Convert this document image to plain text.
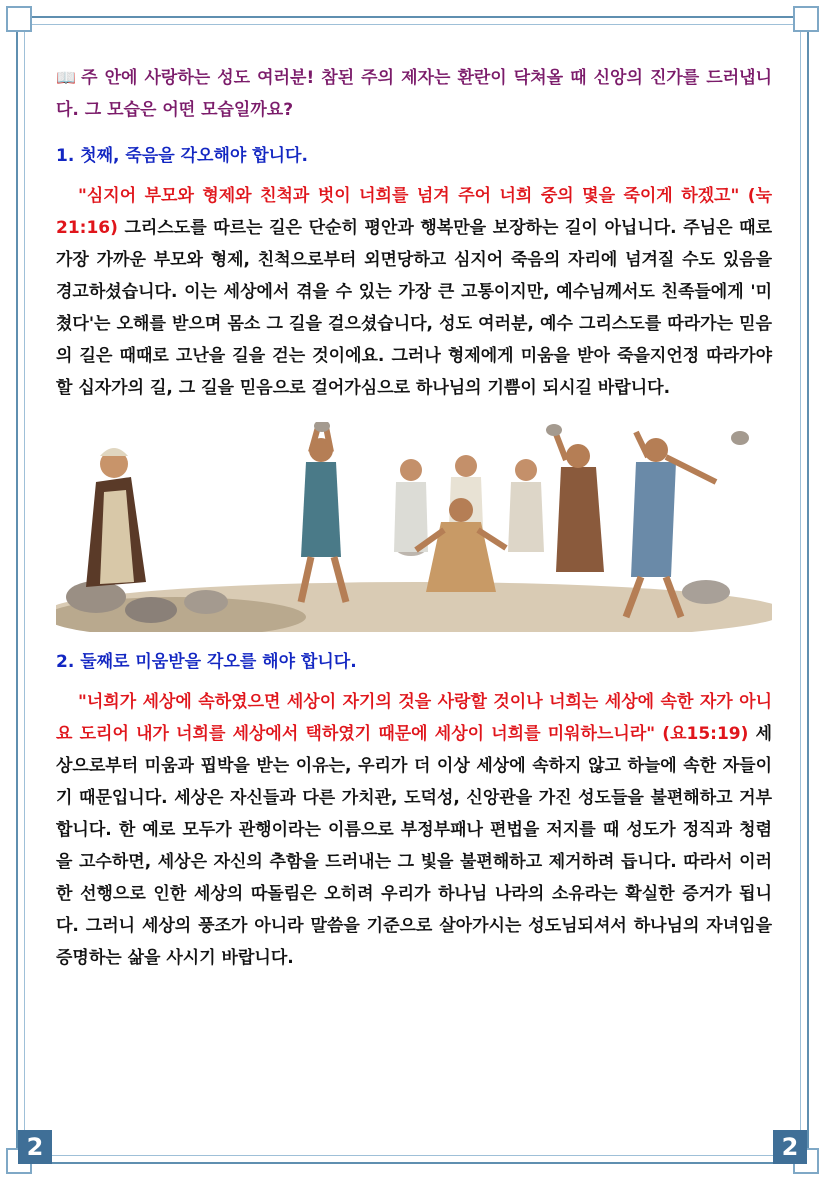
📖 주 안에 사랑하는 성도 여러분! 참된 주의 제자는 환란이 닥쳐올 때 신앙의 진가를 드러냅니다. 그 모습은 어떤 모습일까요?
1. 첫째, 죽음을 각오해야 합니다.
"심지어 부모와 형제와 친척과 벗이 너희를 넘겨 주어 너희 중의 몇을 죽이게 하겠고" (눅21:16) 그리스도를 따르는 길은 단순히 평안과 행복만을 보장하는 길이 아닙니다. 주님은 때로 가장 가까운 부모와 형제, 친척으로부터 외면당하고 심지어 죽음의 자리에 넘겨질 수도 있음을 경고하셨습니다. 이는 세상에서 겪을 수 있는 가장 큰 고통이지만, 예수님께서도 친족들에게 '미쳤다'는 오해를 받으며 몸소 그 길을 걸으셨습니다, 성도 여러분, 예수 그리스도를 따라가는 믿음의 길은 때때로 고난을 길을 걷는 것이에요. 그러나 형제에게 미움을 받아 죽을지언정 따라가야 할 십자가의 길, 그 길을 믿음으로 걸어가심으로 하나님의 기쁨이 되시길 바랍니다.
2. 둘째로 미움받을 각오를 해야 합니다.
"너희가 세상에 속하였으면 세상이 자기의 것을 사랑할 것이나 너희는 세상에 속한 자가 아니요 도리어 내가 너희를 세상에서 택하였기 때문에 세상이 너희를 미워하느니라" (요15:19) 세상으로부터 미움과 핍박을 받는 이유는, 우리가 더 이상 세상에 속하지 않고 하늘에 속한 자들이기 때문입니다. 세상은 자신들과 다른 가치관, 도덕성, 신앙관을 가진 성도들을 불편해하고 거부합니다. 한 예로 모두가 관행이라는 이름으로 부정부패나 편법을 저지를 때 성도가 정직과 청렴을 고수하면, 세상은 자신의 추함을 드러내는 그 빛을 불편해하고 제거하려 듭니다. 따라서 이러한 선행으로 인한 세상의 따돌림은 오히려 우리가 하나님 나라의 소유라는 확실한 증거가 됩니다. 그러니 세상의 풍조가 아니라 말씀을 기준으로 살아가시는 성도님되셔서 하나님의 자녀임을 증명하는 삶을 사시기 바랍니다.
2	2
